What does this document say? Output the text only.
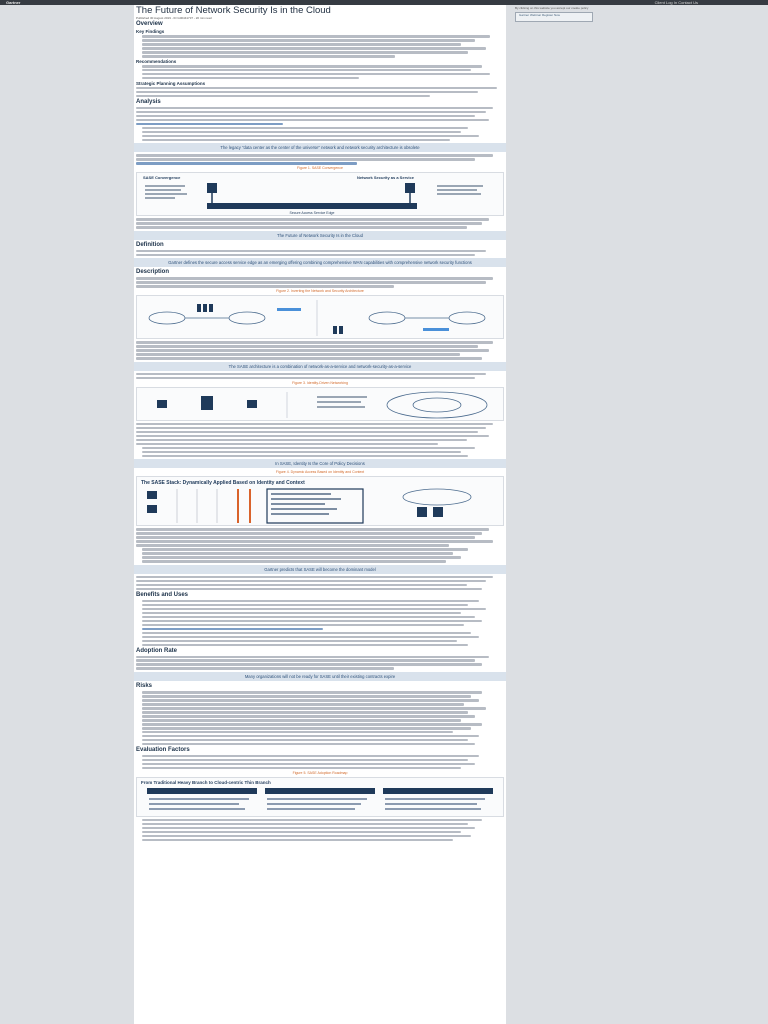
Gartner	Client Log In Contact Us
By clicking on this website you accept our cookie policy
Gartner Webinar Register Now
The Future of Network Security Is in the Cloud
Published 30 August 2019 - ID G00441737 - 20 min read
Overview
Key Findings
Recommendations
Strategic Planning Assumptions
Analysis
The legacy "data center as the center of the universe" network and network security architecture is obsolete
Figure 1. SASE Convergence
SASE Convergence	Network Security as a Service
Secure Access Service Edge
The Future of Network Security Is in the Cloud
Definition
Gartner defines the secure access service edge as an emerging offering combining comprehensive WAN capabilities with comprehensive network security functions
Description
Figure 2. Inverting the Network and Security Architecture
The SASE architecture is a combination of network-as-a-service and network-security-as-a-service
Figure 3. Identity-Driven Networking
In SASE, Identity Is the Core of Policy Decisions
Figure 4. Dynamic Access Based on Identity and Context
The SASE Stack: Dynamically Applied Based on Identity and Context
Gartner predicts that SASE will become the dominant model
Benefits and Uses
Adoption Rate
Many organizations will not be ready for SASE until their existing contracts expire
Risks
Evaluation Factors
Figure 5. SASE Adoption Roadmap
From Traditional Heavy Branch to Cloud-centric Thin Branch
